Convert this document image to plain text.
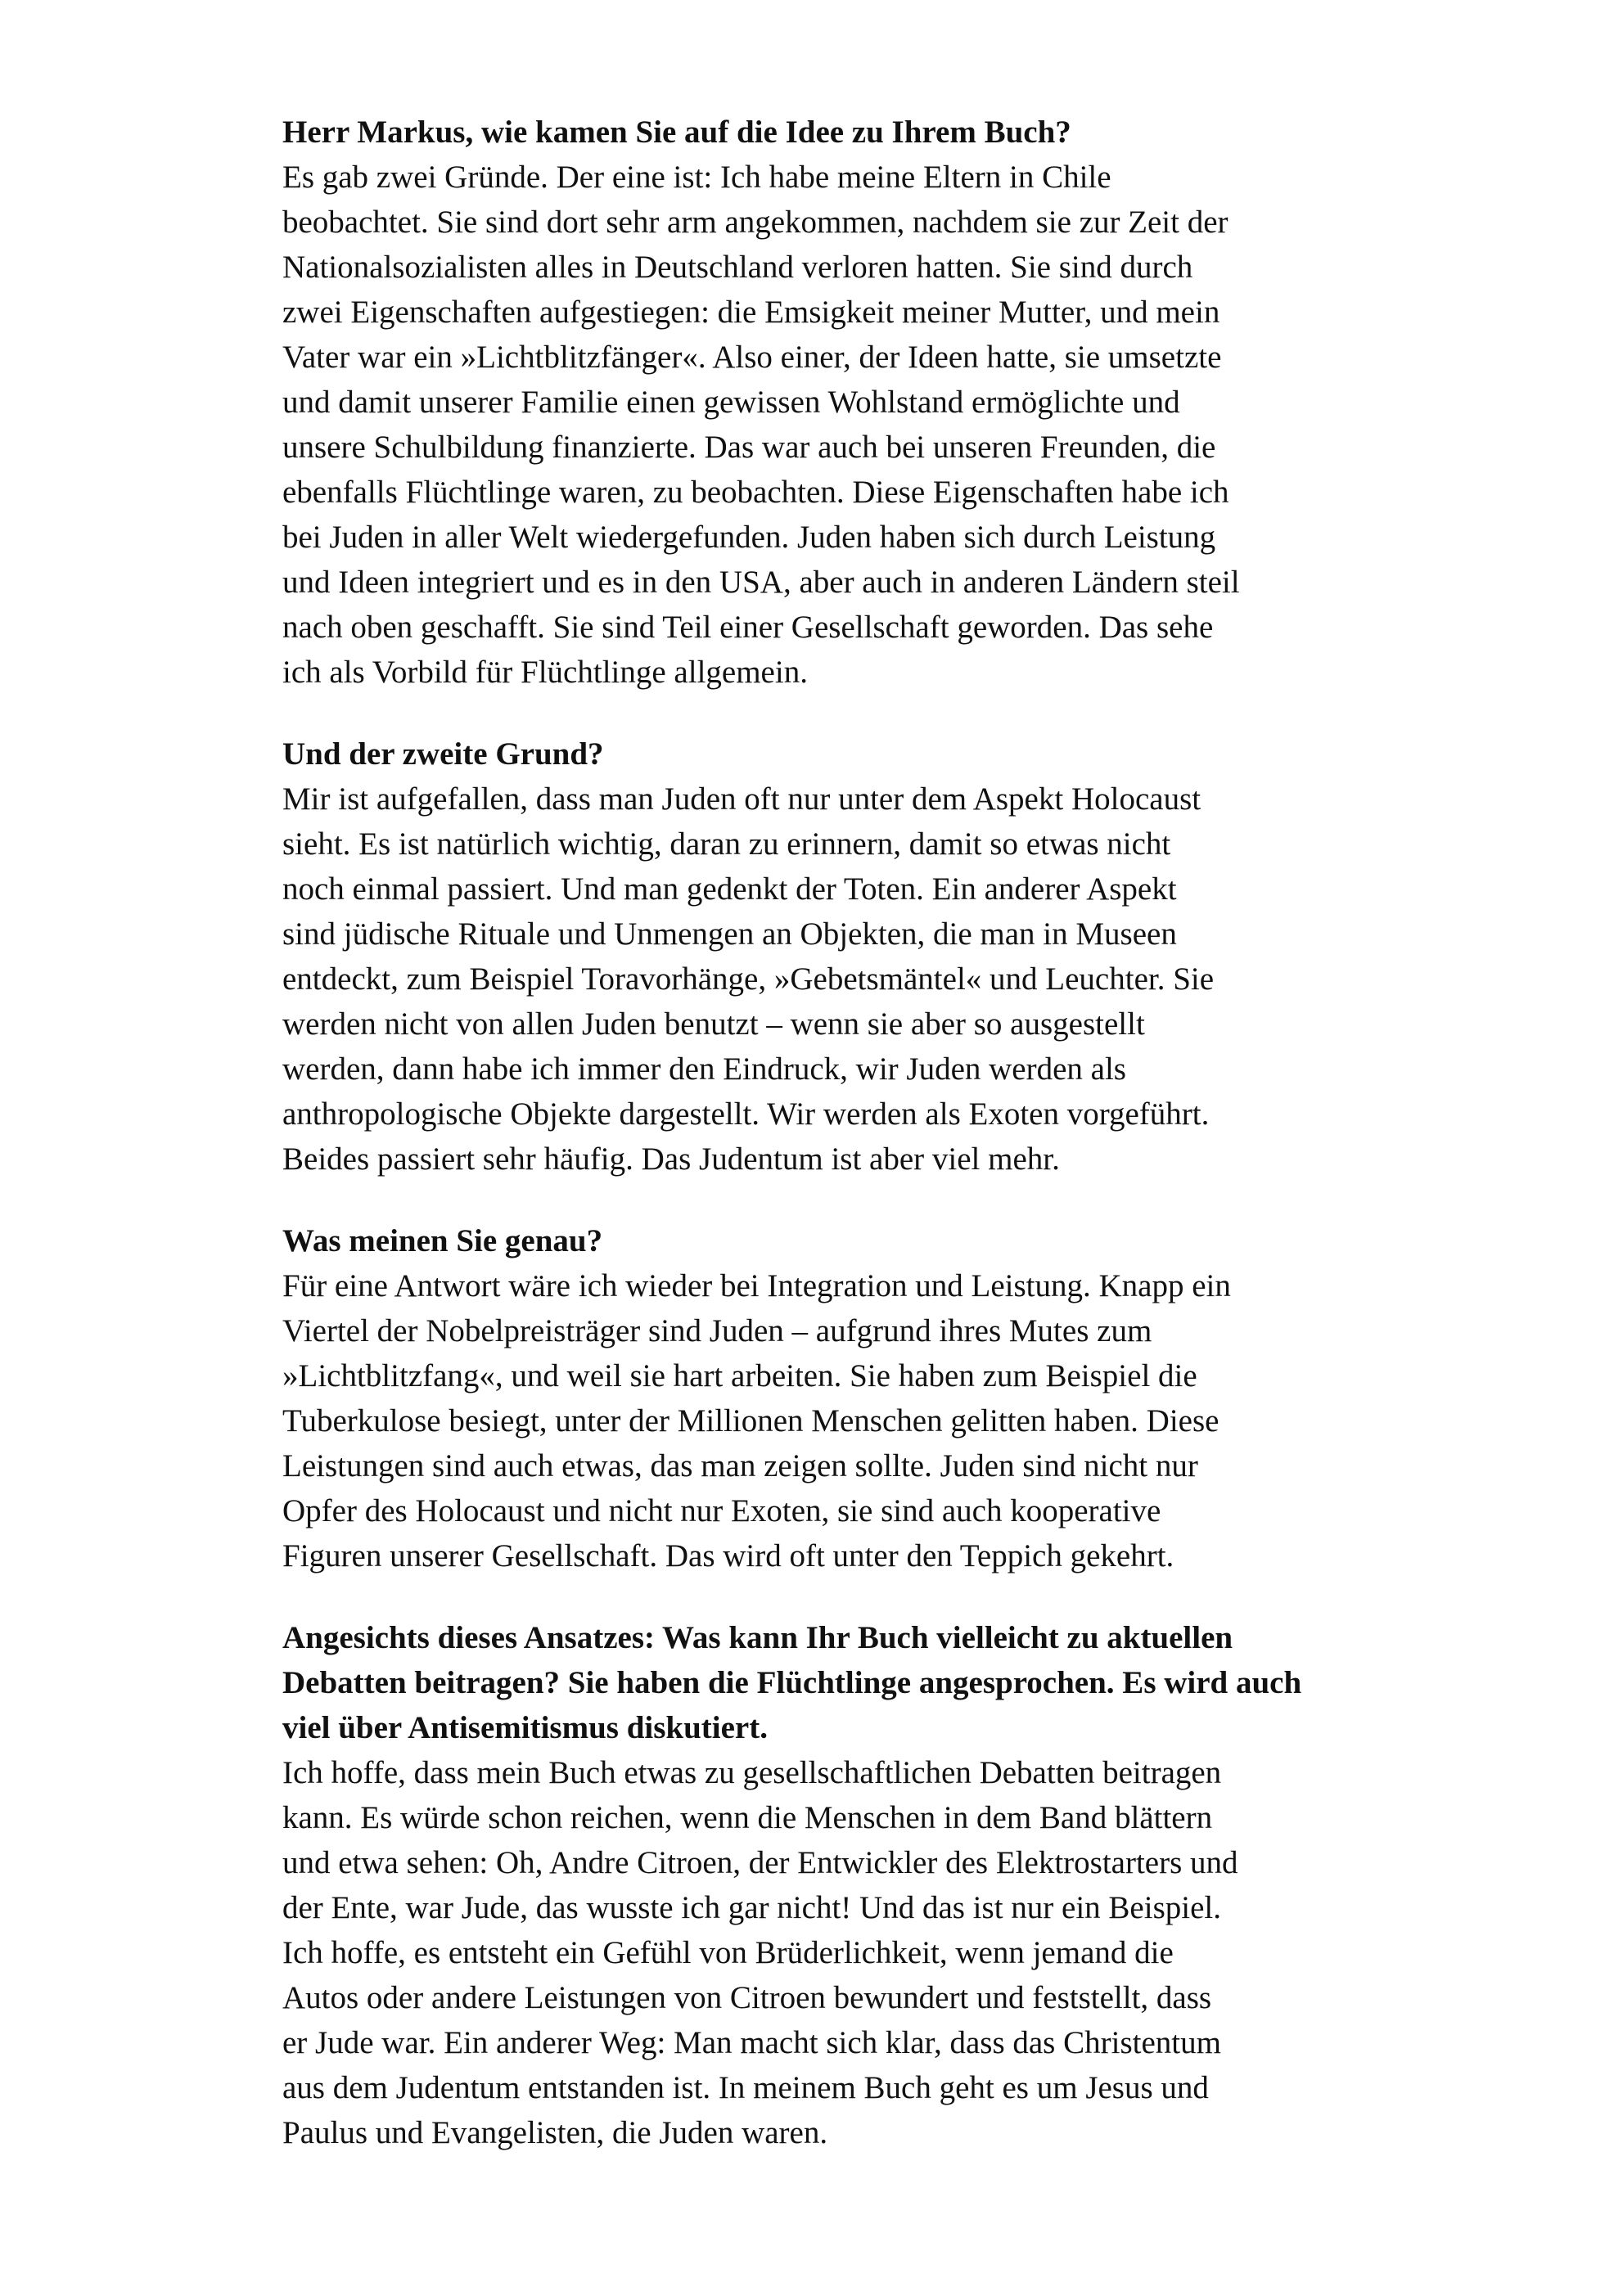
Herr Markus, wie kamen Sie auf die Idee zu Ihrem Buch?
Es gab zwei Gründe. Der eine ist: Ich habe meine Eltern in Chile
beobachtet. Sie sind dort sehr arm angekommen, nachdem sie zur Zeit der
Nationalsozialisten alles in Deutschland verloren hatten. Sie sind durch
zwei Eigenschaften aufgestiegen: die Emsigkeit meiner Mutter, und mein
Vater war ein »Lichtblitzfänger«. Also einer, der Ideen hatte, sie umsetzte
und damit unserer Familie einen gewissen Wohlstand ermöglichte und
unsere Schulbildung finanzierte. Das war auch bei unseren Freunden, die
ebenfalls Flüchtlinge waren, zu beobachten. Diese Eigenschaften habe ich
bei Juden in aller Welt wiedergefunden. Juden haben sich durch Leistung
und Ideen integriert und es in den USA, aber auch in anderen Ländern steil
nach oben geschafft. Sie sind Teil einer Gesellschaft geworden. Das sehe
ich als Vorbild für Flüchtlinge allgemein.
Und der zweite Grund?
Mir ist aufgefallen, dass man Juden oft nur unter dem Aspekt Holocaust
sieht. Es ist natürlich wichtig, daran zu erinnern, damit so etwas nicht
noch einmal passiert. Und man gedenkt der Toten. Ein anderer Aspekt
sind jüdische Rituale und Unmengen an Objekten, die man in Museen
entdeckt, zum Beispiel Toravorhänge, »Gebetsmäntel« und Leuchter. Sie
werden nicht von allen Juden benutzt – wenn sie aber so ausgestellt
werden, dann habe ich immer den Eindruck, wir Juden werden als
anthropologische Objekte dargestellt. Wir werden als Exoten vorgeführt.
Beides passiert sehr häufig. Das Judentum ist aber viel mehr.
Was meinen Sie genau?
Für eine Antwort wäre ich wieder bei Integration und Leistung. Knapp ein
Viertel der Nobelpreisträger sind Juden – aufgrund ihres Mutes zum
»Lichtblitzfang«, und weil sie hart arbeiten. Sie haben zum Beispiel die
Tuberkulose besiegt, unter der Millionen Menschen gelitten haben. Diese
Leistungen sind auch etwas, das man zeigen sollte. Juden sind nicht nur
Opfer des Holocaust und nicht nur Exoten, sie sind auch kooperative
Figuren unserer Gesellschaft. Das wird oft unter den Teppich gekehrt.
Angesichts dieses Ansatzes: Was kann Ihr Buch vielleicht zu aktuellen
Debatten beitragen? Sie haben die Flüchtlinge angesprochen. Es wird auch
viel über Antisemitismus diskutiert.
Ich hoffe, dass mein Buch etwas zu gesellschaftlichen Debatten beitragen
kann. Es würde schon reichen, wenn die Menschen in dem Band blättern
und etwa sehen: Oh, Andre Citroen, der Entwickler des Elektrostarters und
der Ente, war Jude, das wusste ich gar nicht! Und das ist nur ein Beispiel.
Ich hoffe, es entsteht ein Gefühl von Brüderlichkeit, wenn jemand die
Autos oder andere Leistungen von Citroen bewundert und feststellt, dass
er Jude war. Ein anderer Weg: Man macht sich klar, dass das Christentum
aus dem Judentum entstanden ist. In meinem Buch geht es um Jesus und
Paulus und Evangelisten, die Juden waren.
